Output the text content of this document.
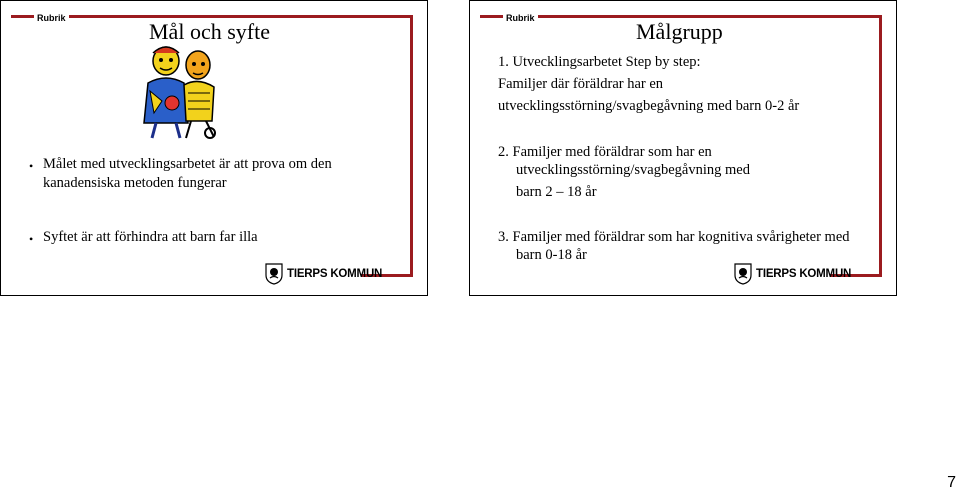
Rubrik
Mål och syfte
• Målet med utvecklingsarbetet är att prova om den
kanadensiska metoden fungerar
• Syftet är att förhindra att barn far illa
TIERPS KOMMUN
Rubrik
Målgrupp
1. Utvecklingsarbetet Step by step:
Familjer där föräldrar har en
utvecklingsstörning/svagbegåvning med barn 0-2 år
2. Familjer med föräldrar som har en
utvecklingsstörning/svagbegåvning med
barn 2 – 18 år
3. Familjer med föräldrar som har kognitiva svårigheter med
barn 0-18 år
TIERPS KOMMUN
7
